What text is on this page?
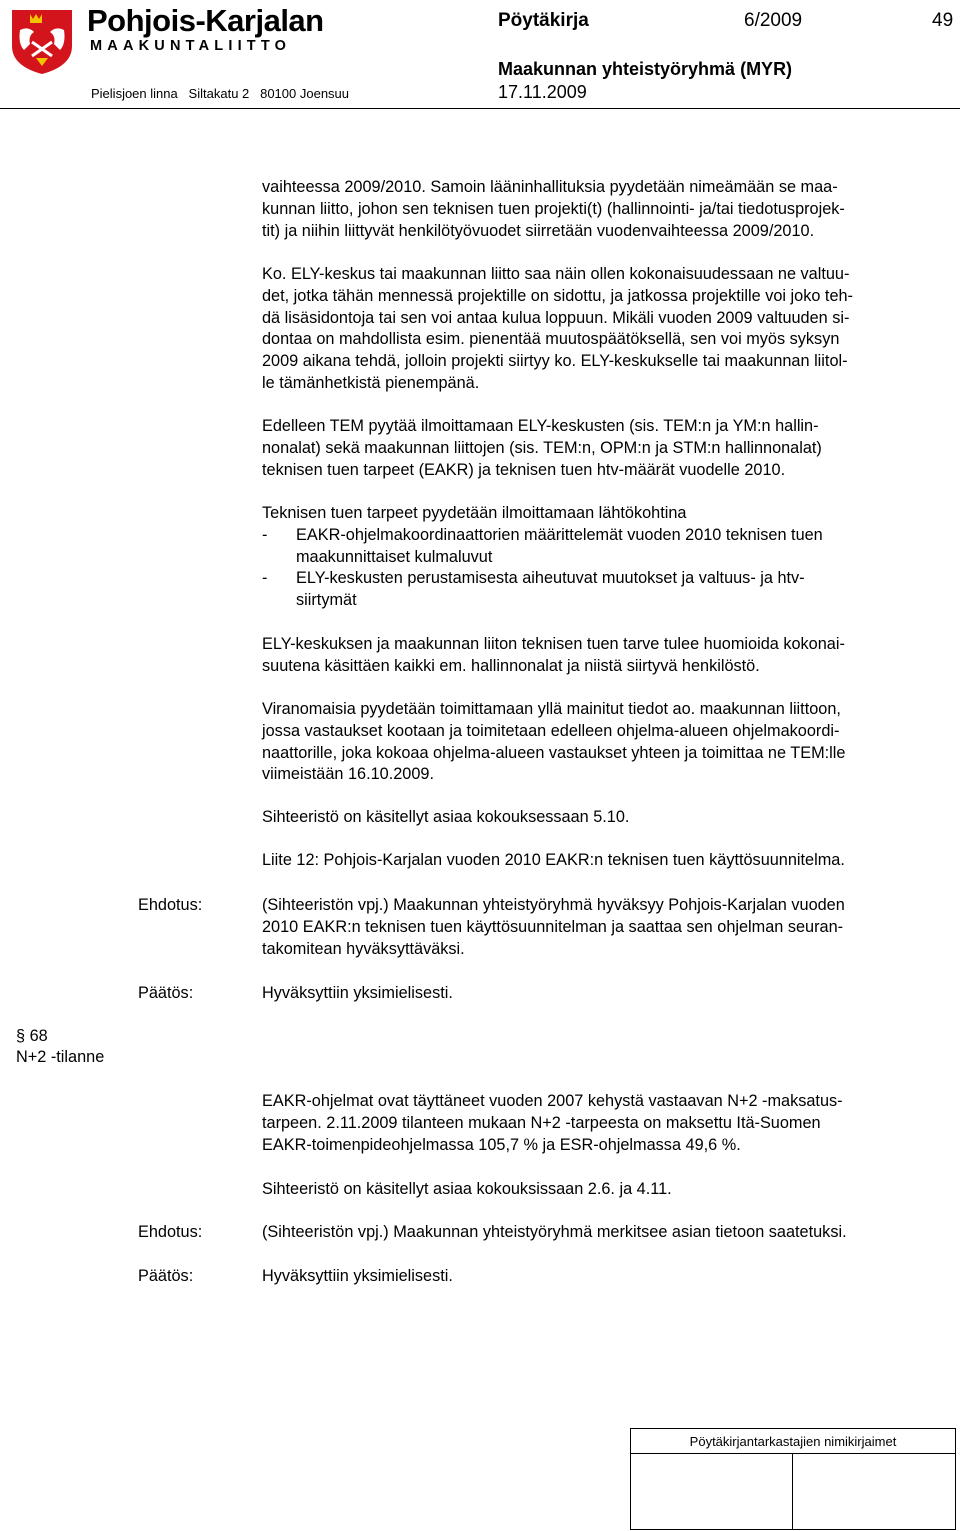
Pohjois-Karjalan
MAAKUNTALIITTO
Pielisjoen linna   Siltakatu 2   80100 Joensuu
Pöytäkirja	6/2009	49
Maakunnan yhteistyöryhmä (MYR)
17.11.2009
vaihteessa 2009/2010. Samoin lääninhallituksia pyydetään nimeämään se maa-
kunnan liitto, johon sen teknisen tuen projekti(t) (hallinnointi- ja/tai tiedotusprojek-
tit) ja niihin liittyvät henkilötyövuodet siirretään vuodenvaihteessa 2009/2010.
Ko. ELY-keskus tai maakunnan liitto saa näin ollen kokonaisuudessaan ne valtuu-
det, jotka tähän mennessä projektille on sidottu, ja jatkossa projektille voi joko teh-
dä lisäsidontoja tai sen voi antaa kulua loppuun. Mikäli vuoden 2009 valtuuden si-
dontaa on mahdollista esim. pienentää muutospäätöksellä, sen voi myös syksyn
2009 aikana tehdä, jolloin projekti siirtyy ko. ELY-keskukselle tai maakunnan liitol-
le tämänhetkistä pienempänä.
Edelleen TEM pyytää ilmoittamaan ELY-keskusten (sis. TEM:n ja YM:n hallin-
nonalat) sekä maakunnan liittojen (sis. TEM:n, OPM:n ja STM:n hallinnonalat)
teknisen tuen tarpeet (EAKR) ja teknisen tuen htv-määrät vuodelle 2010.
Teknisen tuen tarpeet pyydetään ilmoittamaan lähtökohtina
-	EAKR-ohjelmakoordinaattorien määrittelemät vuoden 2010 teknisen tuen
maakunnittaiset kulmaluvut
-	ELY-keskusten perustamisesta aiheutuvat muutokset ja valtuus- ja htv-
siirtymät
ELY-keskuksen ja maakunnan liiton teknisen tuen tarve tulee huomioida kokonai-
suutena käsittäen kaikki em. hallinnonalat ja niistä siirtyvä henkilöstö.
Viranomaisia pyydetään toimittamaan yllä mainitut tiedot ao. maakunnan liittoon,
jossa vastaukset kootaan ja toimitetaan edelleen ohjelma-alueen ohjelmakoordi-
naattorille, joka kokoaa ohjelma-alueen vastaukset yhteen ja toimittaa ne TEM:lle
viimeistään 16.10.2009.
Sihteeristö on käsitellyt asiaa kokouksessaan 5.10.
Liite 12: Pohjois-Karjalan vuoden 2010 EAKR:n teknisen tuen käyttösuunnitelma.
Ehdotus:	(Sihteeristön vpj.) Maakunnan yhteistyöryhmä hyväksyy Pohjois-Karjalan vuoden
2010 EAKR:n teknisen tuen käyttösuunnitelman ja saattaa sen ohjelman seuran-
takomitean hyväksyttäväksi.
Päätös:	Hyväksyttiin yksimielisesti.
§ 68
N+2 -tilanne
EAKR-ohjelmat ovat täyttäneet vuoden 2007 kehystä vastaavan N+2 -maksatus-
tarpeen. 2.11.2009 tilanteen mukaan N+2 -tarpeesta on maksettu Itä-Suomen
EAKR-toimenpideohjelmassa 105,7 % ja ESR-ohjelmassa 49,6 %.
Sihteeristö on käsitellyt asiaa kokouksissaan 2.6. ja 4.11.
Ehdotus:	(Sihteeristön vpj.) Maakunnan yhteistyöryhmä merkitsee asian tietoon saatetuksi.
Päätös:	Hyväksyttiin yksimielisesti.
Pöytäkirjantarkastajien nimikirjaimet
